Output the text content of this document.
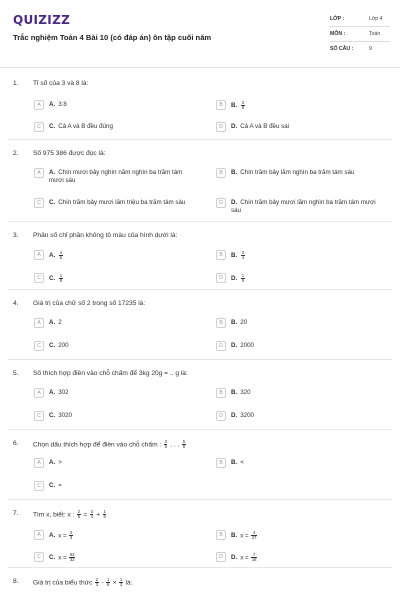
QUIZIZZ
Trắc nghiệm Toán 4 Bài 10 (có đáp án) ôn tập cuối năm
LỚP :	Lớp 4
MÔN :	Toán
SỐ CÂU :	9
1. Tỉ số của 3 và 8 là:
A	A. 3:8	B	B. $\frac{3}{8}$
C	C. Cả A và B đều đúng	D	D. Cả A và B đều sai
2. Số 975 386 được đọc là:
A	A. Chín mươi bảy nghìn năm nghìn ba trăm tám mươi sáu
B	B. Chín trăm bảy lăm nghìn ba trăm tám sáu
C	C. Chín trăm bảy mươi lăm triệu ba trăm tám sáu	D	D. Chín trăm bảy mươi lăm nghìn ba trăm tám mươi sáu
3. Phân số chỉ phần không tô màu của hình dưới là:
A	A. $\frac{4}{5}$	B	B. $\frac{3}{4}$
C	C. $\frac{1}{8}$	D	D. $\frac{1}{5}$
4. Giá trị của chữ số 2 trong số 17235 là:
A	A. 2	B	B. 20
C	C. 200	D	D. 2000
5. Số thích hợp điền vào chỗ chấm để 3kg 20g = .. g là:
A	A. 302	B	B. 320
C	C. 3020	D	D. 3200
6. Chọn dấu thích hợp để điền vào chỗ chấm : $\frac{3}{5}$ . . . $\frac{5}{8}$
A	A. >	B	B. <
C	C. =
7. Tìm x, biết: x : $\frac{2}{5} = \frac{3}{4} + \frac{1}{6}$
A	A. $x = \frac{2}{3}$	B	B. $x = \frac{4}{27}$
C	C. $x = \frac{63}{32}$	D	D. $x = \frac{7}{18}$
8. Giá trị của biểu thức $\frac{2}{3} - \frac{1}{6} \times \frac{1}{3}$ là:
